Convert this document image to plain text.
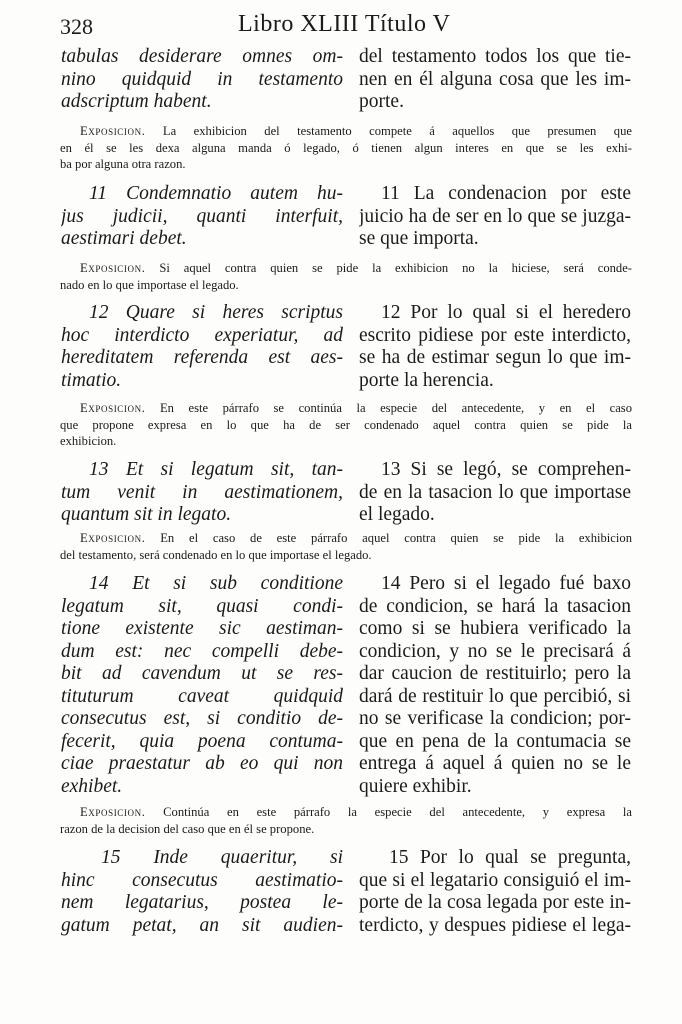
328	Libro XLIII Título V
tabulas desiderare omnes om-
nino quidquid in testamento
adscriptum habent.
del testamento todos los que tie-
nen en él alguna cosa que les im-
porte.
Exposicion. La exhibicion del testamento compete á aquellos que presumen que
en él se les dexa alguna manda ó legado, ó tienen algun interes en que se les exhi-
ba por alguna otra razon.
11 Condemnatio autem hu-
jus judicii, quanti interfuit,
aestimari debet.
11 La condenacion por este
juicio ha de ser en lo que se juzga-
se que importa.
Exposicion. Si aquel contra quien se pide la exhibicion no la hiciese, será conde-
nado en lo que importase el legado.
12 Quare si heres scriptus
hoc interdicto experiatur, ad
hereditatem referenda est aes-
timatio.
12 Por lo qual si el heredero
escrito pidiese por este interdicto,
se ha de estimar segun lo que im-
porte la herencia.
Exposicion. En este párrafo se continúa la especie del antecedente, y en el caso
que propone expresa en lo que ha de ser condenado aquel contra quien se pide la
exhibicion.
13 Et si legatum sit, tan-
tum venit in aestimationem,
quantum sit in legato.
13 Si se legó, se comprehen-
de en la tasacion lo que importase
el legado.
Exposicion. En el caso de este párrafo aquel contra quien se pide la exhibicion
del testamento, será condenado en lo que importase el legado.
14 Et si sub conditione
legatum sit, quasi condi-
tione existente sic aestiman-
dum est: nec compelli debe-
bit ad cavendum ut se res-
tituturum caveat quidquid
consecutus est, si conditio de-
fecerit, quia poena contuma-
ciae praestatur ab eo qui non
exhibet.
14 Pero si el legado fué baxo
de condicion, se hará la tasacion
como si se hubiera verificado la
condicion, y no se le precisará á
dar caucion de restituirlo; pero la
dará de restituir lo que percibió, si
no se verificase la condicion; por-
que en pena de la contumacia se
entrega á aquel á quien no se le
quiere exhibir.
Exposicion. Continúa en este párrafo la especie del antecedente, y expresa la
razon de la decision del caso que en él se propone.
15 Inde quaeritur, si
hinc consecutus aestimatio-
nem legatarius, postea le-
gatum petat, an sit audien-
15 Por lo qual se pregunta,
que si el legatario consiguió el im-
porte de la cosa legada por este in-
terdicto, y despues pidiese el lega-
